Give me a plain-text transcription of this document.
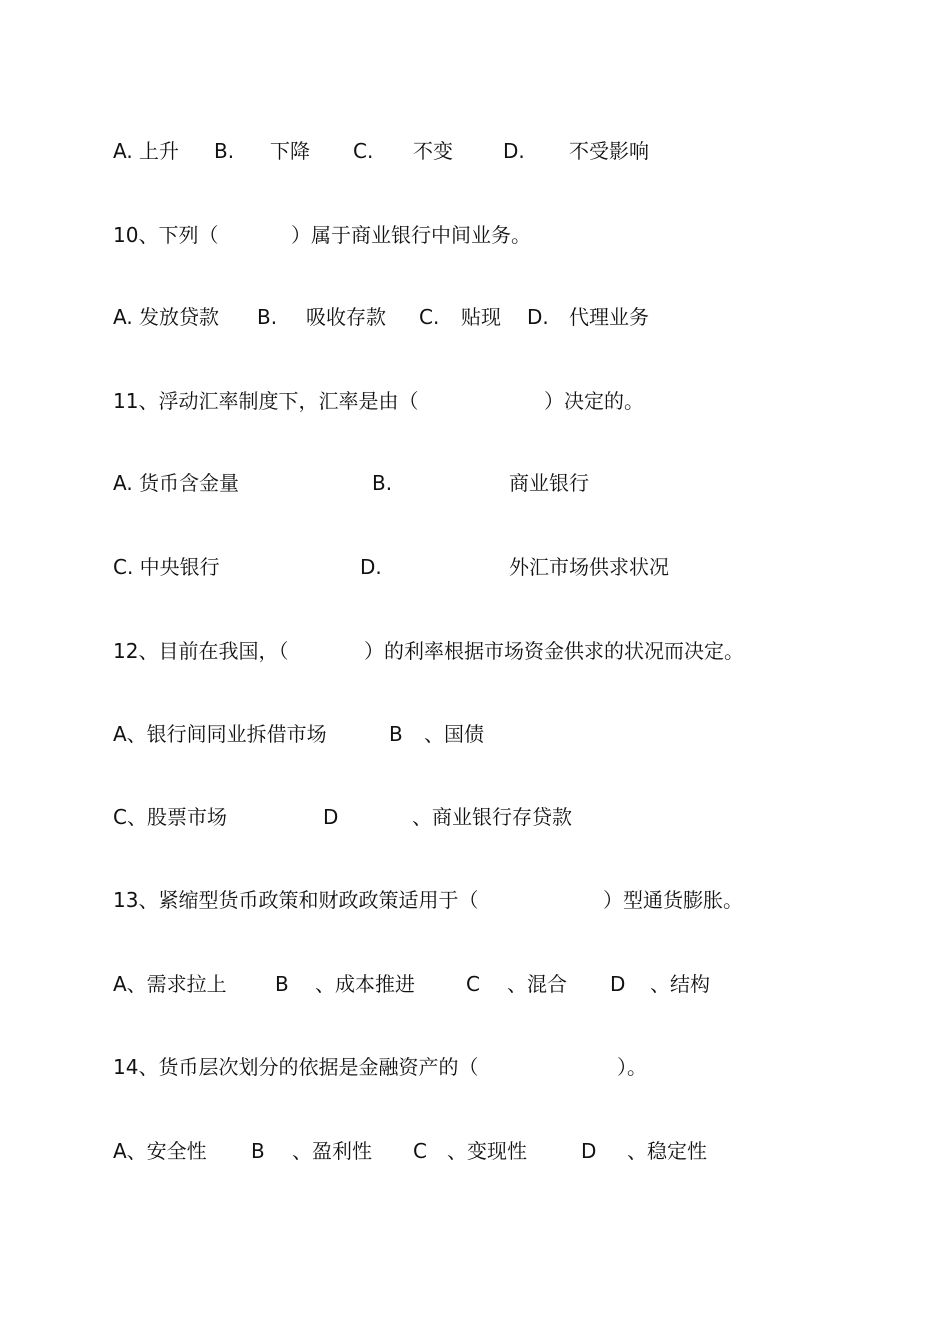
A. 上升 B. 下降 C. 不变	D. 不受影响
10、下列（	）属于商业银行中间业务。
A. 发放贷款 B. 吸收存款 C. 贴现 D. 代理业务
11、浮动汇率制度下，汇率是由（	）决定的。
A. 货币含金量	B.	商业银行
C. 中央银行	D.	外汇市场供求状况
12、目前在我国，（	）的利率根据市场资金供求的状况而决定。
A、银行间同业拆借市场	B 、国债
C、股票市场	D	、商业银行存贷款
13、紧缩型货币政策和财政政策适用于（	）型通货膨胀。
A、需求拉上 B 、成本推进	C 、混合 D 、结构
14、货币层次划分的依据是金融资产的（	）。
A、安全性 B 、盈利性 C 、变现性	D 、稳定性
